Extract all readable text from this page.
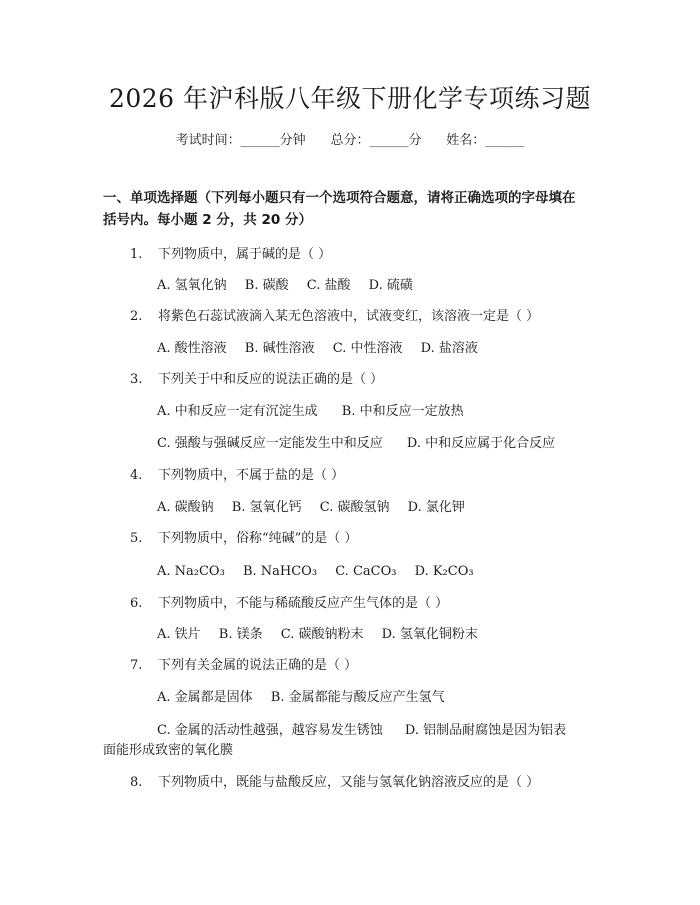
2026 年沪科版八年级下册化学专项练习题
考试时间：______分钟 总分：______分 姓名：______
一、单项选择题（下列每小题只有一个选项符合题意，请将正确选项的字母填在
括号内。每小题 2 分，共 20 分）
1. 下列物质中，属于碱的是（ ）
A. 氢氧化钠 B. 碳酸 C. 盐酸 D. 硫磺
2. 将紫色石蕊试液滴入某无色溶液中，试液变红，该溶液一定是（ ）
A. 酸性溶液 B. 碱性溶液 C. 中性溶液 D. 盐溶液
3. 下列关于中和反应的说法正确的是（ ）
A. 中和反应一定有沉淀生成 B. 中和反应一定放热
C. 强酸与强碱反应一定能发生中和反应 D. 中和反应属于化合反应
4. 下列物质中，不属于盐的是（ ）
A. 碳酸钠 B. 氢氧化钙 C. 碳酸氢钠 D. 氯化钾
5. 下列物质中，俗称“纯碱”的是（ ）
A. Na₂CO₃ B. NaHCO₃ C. CaCO₃ D. K₂CO₃
6. 下列物质中，不能与稀硫酸反应产生气体的是（ ）
A. 铁片 B. 镁条 C. 碳酸钠粉末 D. 氢氧化铜粉末
7. 下列有关金属的说法正确的是（ ）
A. 金属都是固体 B. 金属都能与酸反应产生氢气
C. 金属的活动性越强，越容易发生锈蚀 D. 铝制品耐腐蚀是因为铝表
面能形成致密的氧化膜
8. 下列物质中，既能与盐酸反应，又能与氢氧化钠溶液反应的是（ ）
